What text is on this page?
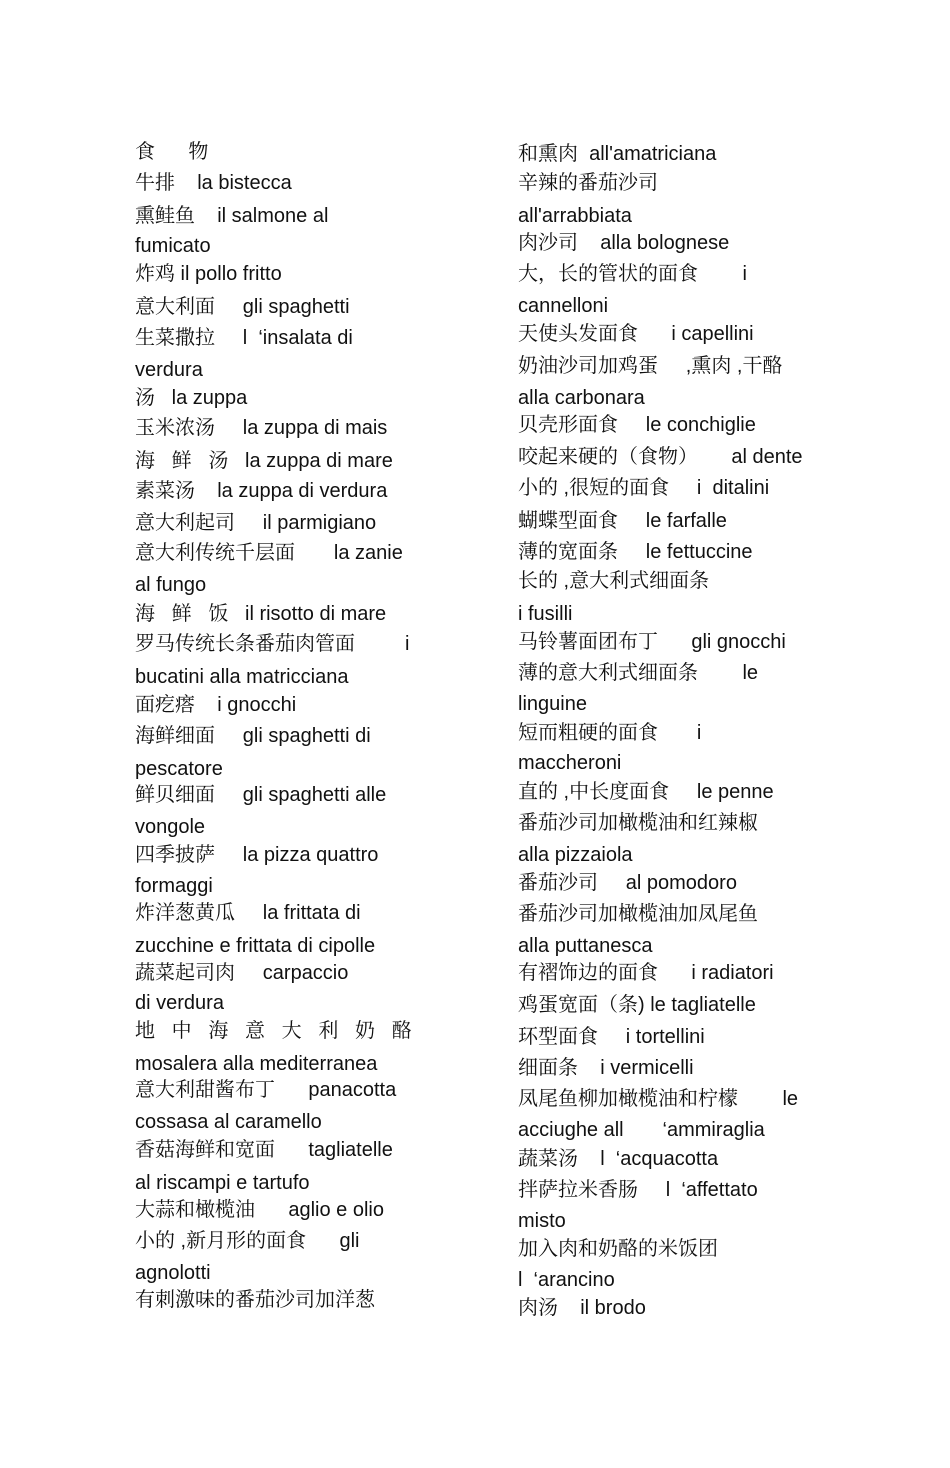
食      物
牛排    la bistecca
熏鲑鱼    il salmone al
fumicato
炸鸡 il pollo fritto
意大利面     gli spaghetti
生菜撒拉     l  ‘insalata di
verdura
汤   la zuppa
玉米浓汤     la zuppa di mais
海   鲜   汤   la zuppa di mare
素菜汤    la zuppa di verdura
意大利起司     il parmigiano
意大利传统千层面       la zanie
al fungo
海   鲜   饭   il risotto di mare
罗马传统长条番茄肉管面         i
bucatini alla matricciana
面疙瘩    i gnocchi
海鲜细面     gli spaghetti di
pescatore
鲜贝细面     gli spaghetti alle
vongole
四季披萨     la pizza quattro
formaggi
炸洋葱黄瓜     la frittata di
zucchine e frittata di cipolle
蔬菜起司肉     carpaccio
di verdura
地   中   海   意   大   利   奶   酪
mosalera alla mediterranea
意大利甜酱布丁      panacotta
cossasa al caramello
香菇海鲜和宽面      tagliatelle
al riscampi e tartufo
大蒜和橄榄油      aglio e olio
小的 ,新月形的面食      gli
agnolotti
有刺激味的番茄沙司加洋葱
和熏肉  all'amatriciana
辛辣的番茄沙司
all'arrabbiata
肉沙司    alla bolognese
大，长的管状的面食        i
cannelloni
天使头发面食      i capellini
奶油沙司加鸡蛋     ,熏肉 ,干酪
alla carbonara
贝壳形面食     le conchiglie
咬起来硬的（食物）      al dente
小的 ,很短的面食     i  ditalini
蝴蝶型面食     le farfalle
薄的宽面条     le fettuccine
长的 ,意大利式细面条
i fusilli
马铃薯面团布丁      gli gnocchi
薄的意大利式细面条        le
linguine
短而粗硬的面食       i
maccheroni
直的 ,中长度面食     le penne
番茄沙司加橄榄油和红辣椒
alla pizzaiola
番茄沙司     al pomodoro
番茄沙司加橄榄油加凤尾鱼
alla puttanesca
有褶饰边的面食      i radiatori
鸡蛋宽面（条) le tagliatelle
环型面食     i tortellini
细面条    i vermicelli
凤尾鱼柳加橄榄油和柠檬        le
acciughe all       ‘ammiraglia
蔬菜汤    l  ‘acquacotta
拌萨拉米香肠     l  ‘affettato
misto
加入肉和奶酪的米饭团
l  ‘arancino
肉汤    il brodo
